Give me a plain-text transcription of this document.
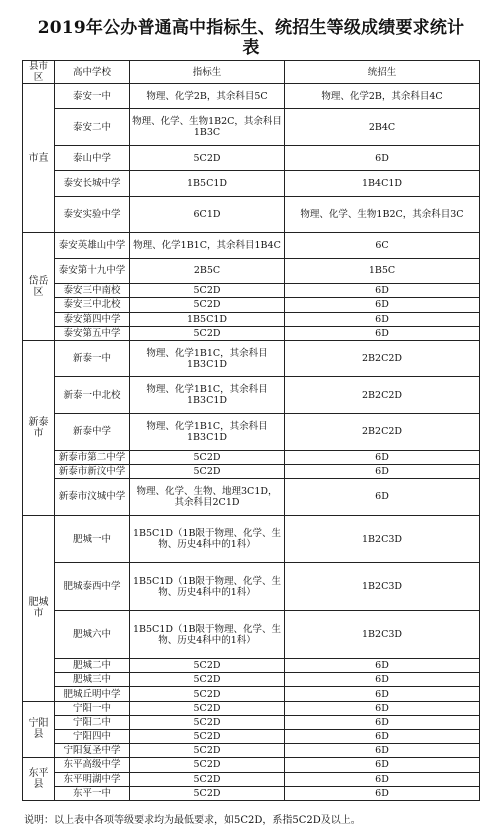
2019年公办普通高中指标生、统招生等级成绩要求统计
表
县市区	高中学校	指标生	统招生
市直	泰安一中	物理、化学2B，其余科目5C	物理、化学2B，其余科目4C
	泰安二中	物理、化学、生物1B2C，其余科目1B3C	2B4C
	泰山中学	5C2D	6D
	泰安长城中学	1B5C1D	1B4C1D
	泰安实验中学	6C1D	物理、化学、生物1B2C，其余科目3C
岱岳区	泰安英雄山中学	物理、化学1B1C，其余科目1B4C	6C
	泰安第十九中学	2B5C	1B5C
	泰安三中南校	5C2D	6D
	泰安三中北校	5C2D	6D
	泰安第四中学	1B5C1D	6D
	泰安第五中学	5C2D	6D
新泰市	新泰一中	物理、化学1B1C，其余科目1B3C1D	2B2C2D
	新泰一中北校	物理、化学1B1C，其余科目1B3C1D	2B2C2D
	新泰中学	物理、化学1B1C，其余科目1B3C1D	2B2C2D
	新泰市第二中学	5C2D	6D
	新泰市新汶中学	5C2D	6D
	新泰市汶城中学	物理、化学、生物、地理3C1D，其余科目2C1D	6D
肥城市	肥城一中	1B5C1D（1B限于物理、化学、生物、历史4科中的1科）	1B2C3D
	肥城泰西中学	1B5C1D（1B限于物理、化学、生物、历史4科中的1科）	1B2C3D
	肥城六中	1B5C1D（1B限于物理、化学、生物、历史4科中的1科）	1B2C3D
	肥城二中	5C2D	6D
	肥城三中	5C2D	6D
	肥城丘明中学	5C2D	6D
宁阳县	宁阳一中	5C2D	6D
	宁阳二中	5C2D	6D
	宁阳四中	5C2D	6D
	宁阳复圣中学	5C2D	6D
东平县	东平高级中学	5C2D	6D
	东平明湖中学	5C2D	6D
	东平一中	5C2D	6D
说明：以上表中各项等级要求均为最低要求，如5C2D，系指5C2D及以上。
